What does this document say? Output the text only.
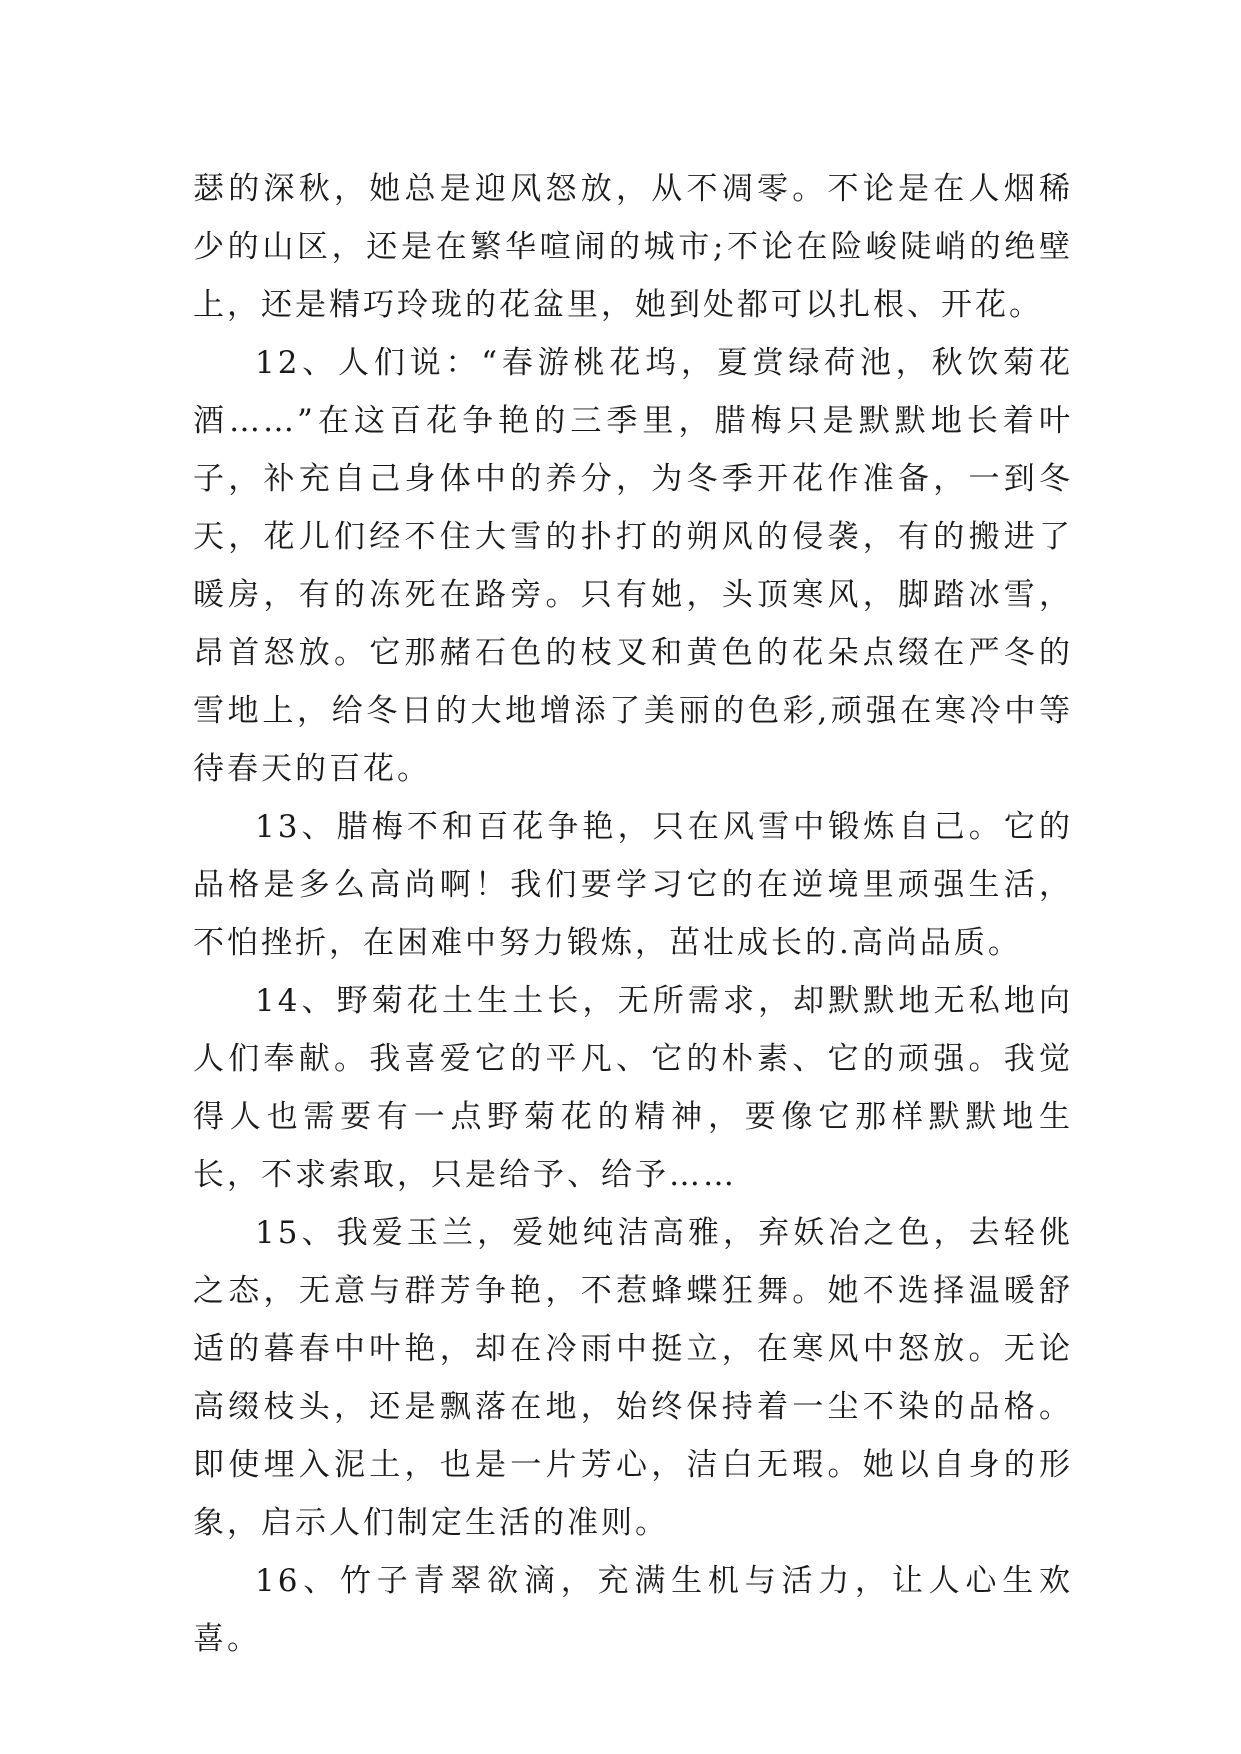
瑟的深秋，她总是迎风怒放，从不凋零。不论是在人烟稀少的山区，还是在繁华喧闹的城市;不论在险峻陡峭的绝壁上，还是精巧玲珑的花盆里，她到处都可以扎根、开花。

12、人们说：“春游桃花坞，夏赏绿荷池，秋饮菊花酒……”在这百花争艳的三季里，腊梅只是默默地长着叶子，补充自己身体中的养分，为冬季开花作准备，一到冬天，花儿们经不住大雪的扑打的朔风的侵袭，有的搬进了暖房，有的冻死在路旁。只有她，头顶寒风，脚踏冰雪，昂首怒放。它那赭石色的枝叉和黄色的花朵点缀在严冬的雪地上，给冬日的大地增添了美丽的色彩,顽强在寒冷中等待春天的百花。

13、腊梅不和百花争艳，只在风雪中锻炼自己。它的品格是多么高尚啊！我们要学习它的在逆境里顽强生活，不怕挫折，在困难中努力锻炼，茁壮成长的.高尚品质。

14、野菊花土生土长，无所需求，却默默地无私地向人们奉献。我喜爱它的平凡、它的朴素、它的顽强。我觉得人也需要有一点野菊花的精神，要像它那样默默地生长，不求索取，只是给予、给予……

15、我爱玉兰，爱她纯洁高雅，弃妖冶之色，去轻佻之态，无意与群芳争艳，不惹蜂蝶狂舞。她不选择温暖舒适的暮春中叶艳，却在冷雨中挺立，在寒风中怒放。无论高缀枝头，还是飘落在地，始终保持着一尘不染的品格。即使埋入泥土，也是一片芳心，洁白无瑕。她以自身的形象，启示人们制定生活的准则。

16、竹子青翠欲滴，充满生机与活力，让人心生欢喜。
